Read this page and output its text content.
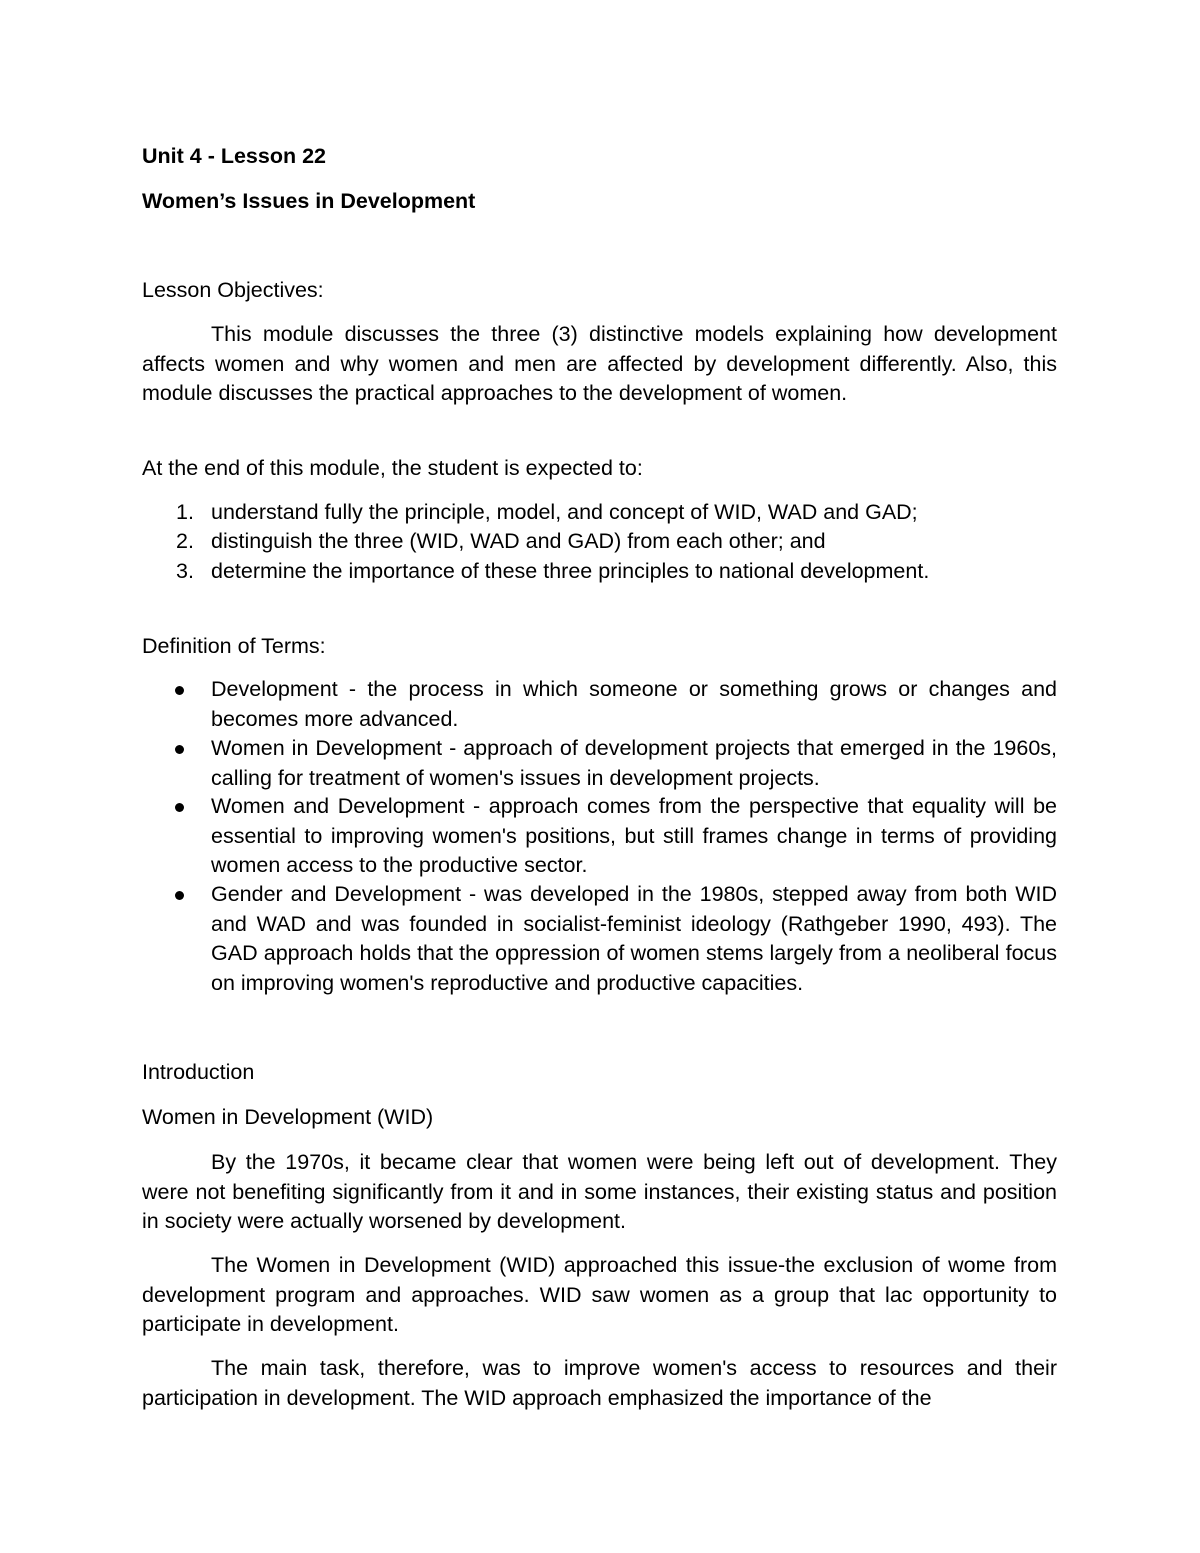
Unit 4 - Lesson 22
Women’s Issues in Development
Lesson Objectives:
This module discusses the three (3) distinctive models explaining how development affects women and why women and men are affected by development differently. Also, this module discusses the practical approaches to the development of women.
At the end of this module, the student is expected to:
1. understand fully the principle, model, and concept of WID, WAD and GAD;
2. distinguish the three (WID, WAD and GAD) from each other; and
3. determine the importance of these three principles to national development.
Definition of Terms:
Development - the process in which someone or something grows or changes and becomes more advanced.
Women in Development - approach of development projects that emerged in the 1960s, calling for treatment of women's issues in development projects.
Women and Development - approach comes from the perspective that equality will be essential to improving women's positions, but still frames change in terms of providing women access to the productive sector.
Gender and Development - was developed in the 1980s, stepped away from both WID and WAD and was founded in socialist-feminist ideology (Rathgeber 1990, 493). The GAD approach holds that the oppression of women stems largely from a neoliberal focus on improving women's reproductive and productive capacities.
Introduction
Women in Development (WID)
By the 1970s, it became clear that women were being left out of development. They were not benefiting significantly from it and in some instances, their existing status and position in society were actually worsened by development.
The Women in Development (WID) approached this issue-the exclusion of wome from development program and approaches. WID saw women as a group that lac opportunity to participate in development.
The main task, therefore, was to improve women's access to resources and their participation in development. The WID approach emphasized the importance of the
